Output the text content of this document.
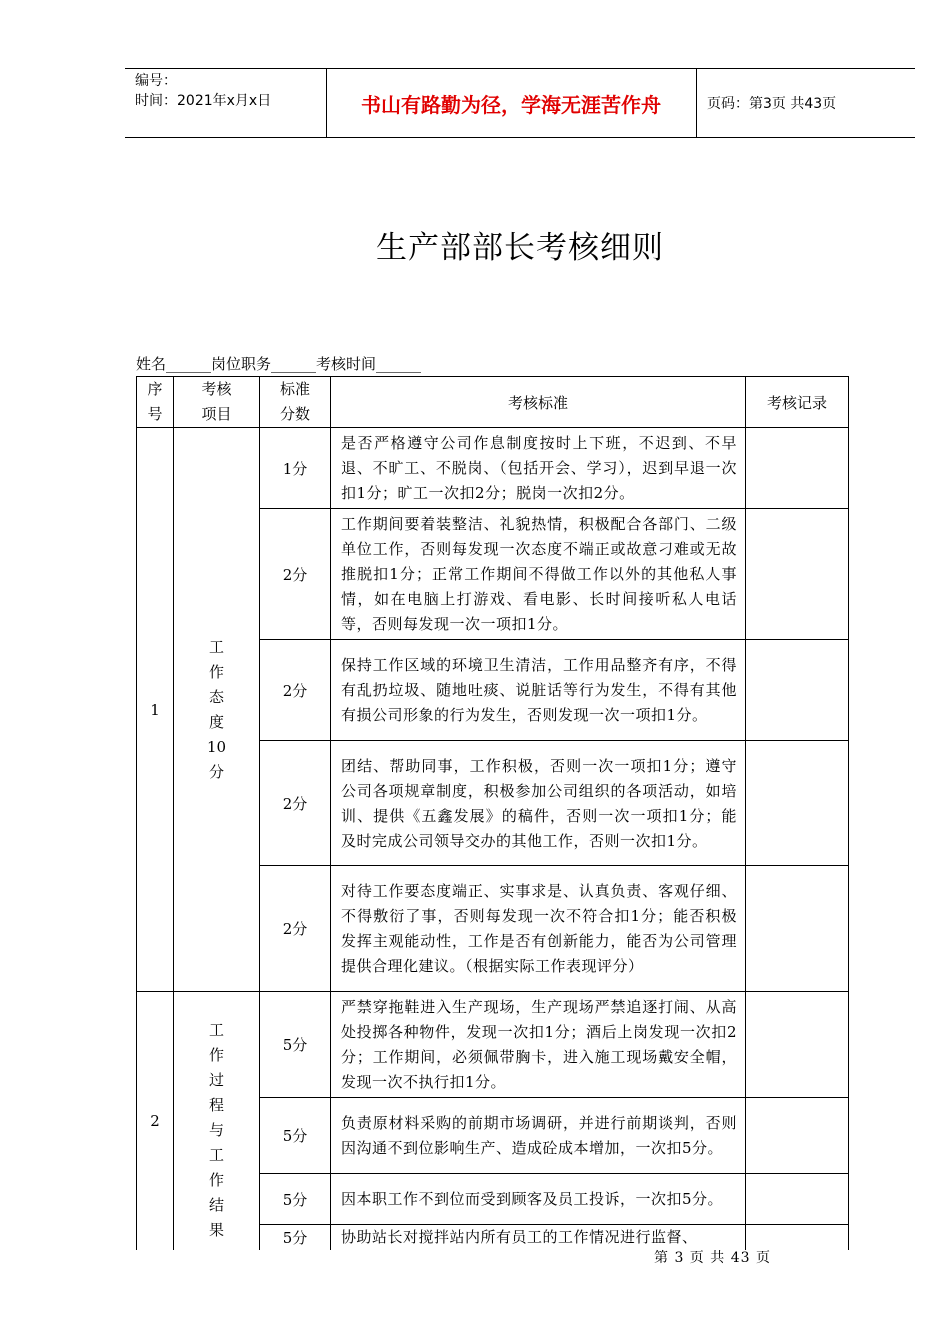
编号：
时间：2021年x月x日	书山有路勤为径，学海无涯苦作舟	页码：第3页 共43页
生产部部长考核细则
姓名______岗位职务______考核时间______
序号	考核项目	标准分数	考核标准	考核记录
1	工作态度10分	1分	是否严格遵守公司作息制度按时上下班，不迟到、不早退、不旷工、不脱岗、（包括开会、学习），迟到早退一次扣1分；旷工一次扣2分；脱岗一次扣2分。	
		2分	工作期间要着装整洁、礼貌热情，积极配合各部门、二级单位工作，否则每发现一次态度不端正或故意刁难或无故推脱扣1分；正常工作期间不得做工作以外的其他私人事情，如在电脑上打游戏、看电影、长时间接听私人电话等，否则每发现一次一项扣1分。	
		2分	保持工作区域的环境卫生清洁，工作用品整齐有序，不得有乱扔垃圾、随地吐痰、说脏话等行为发生，不得有其他有损公司形象的行为发生，否则发现一次一项扣1分。	
		2分	团结、帮助同事，工作积极，否则一次一项扣1分；遵守公司各项规章制度，积极参加公司组织的各项活动，如培训、提供《五鑫发展》的稿件，否则一次一项扣1分；能及时完成公司领导交办的其他工作，否则一次扣1分。	
		2分	对待工作要态度端正、实事求是、认真负责、客观仔细、不得敷衍了事，否则每发现一次不符合扣1分；能否积极发挥主观能动性，工作是否有创新能力，能否为公司管理提供合理化建议。（根据实际工作表现评分）	
2	工作过程与工作结果	5分	严禁穿拖鞋进入生产现场，生产现场严禁追逐打闹、从高处投掷各种物件，发现一次扣1分；酒后上岗发现一次扣2分；工作期间，必须佩带胸卡，进入施工现场戴安全帽，发现一次不执行扣1分。	
		5分	负责原材料采购的前期市场调研，并进行前期谈判，否则因沟通不到位影响生产、造成砼成本增加，一次扣5分。	
		5分	因本职工作不到位而受到顾客及员工投诉，一次扣5分。	
		5分	协助站长对搅拌站内所有员工的工作情况进行监督、	
第 3 页 共 43 页
